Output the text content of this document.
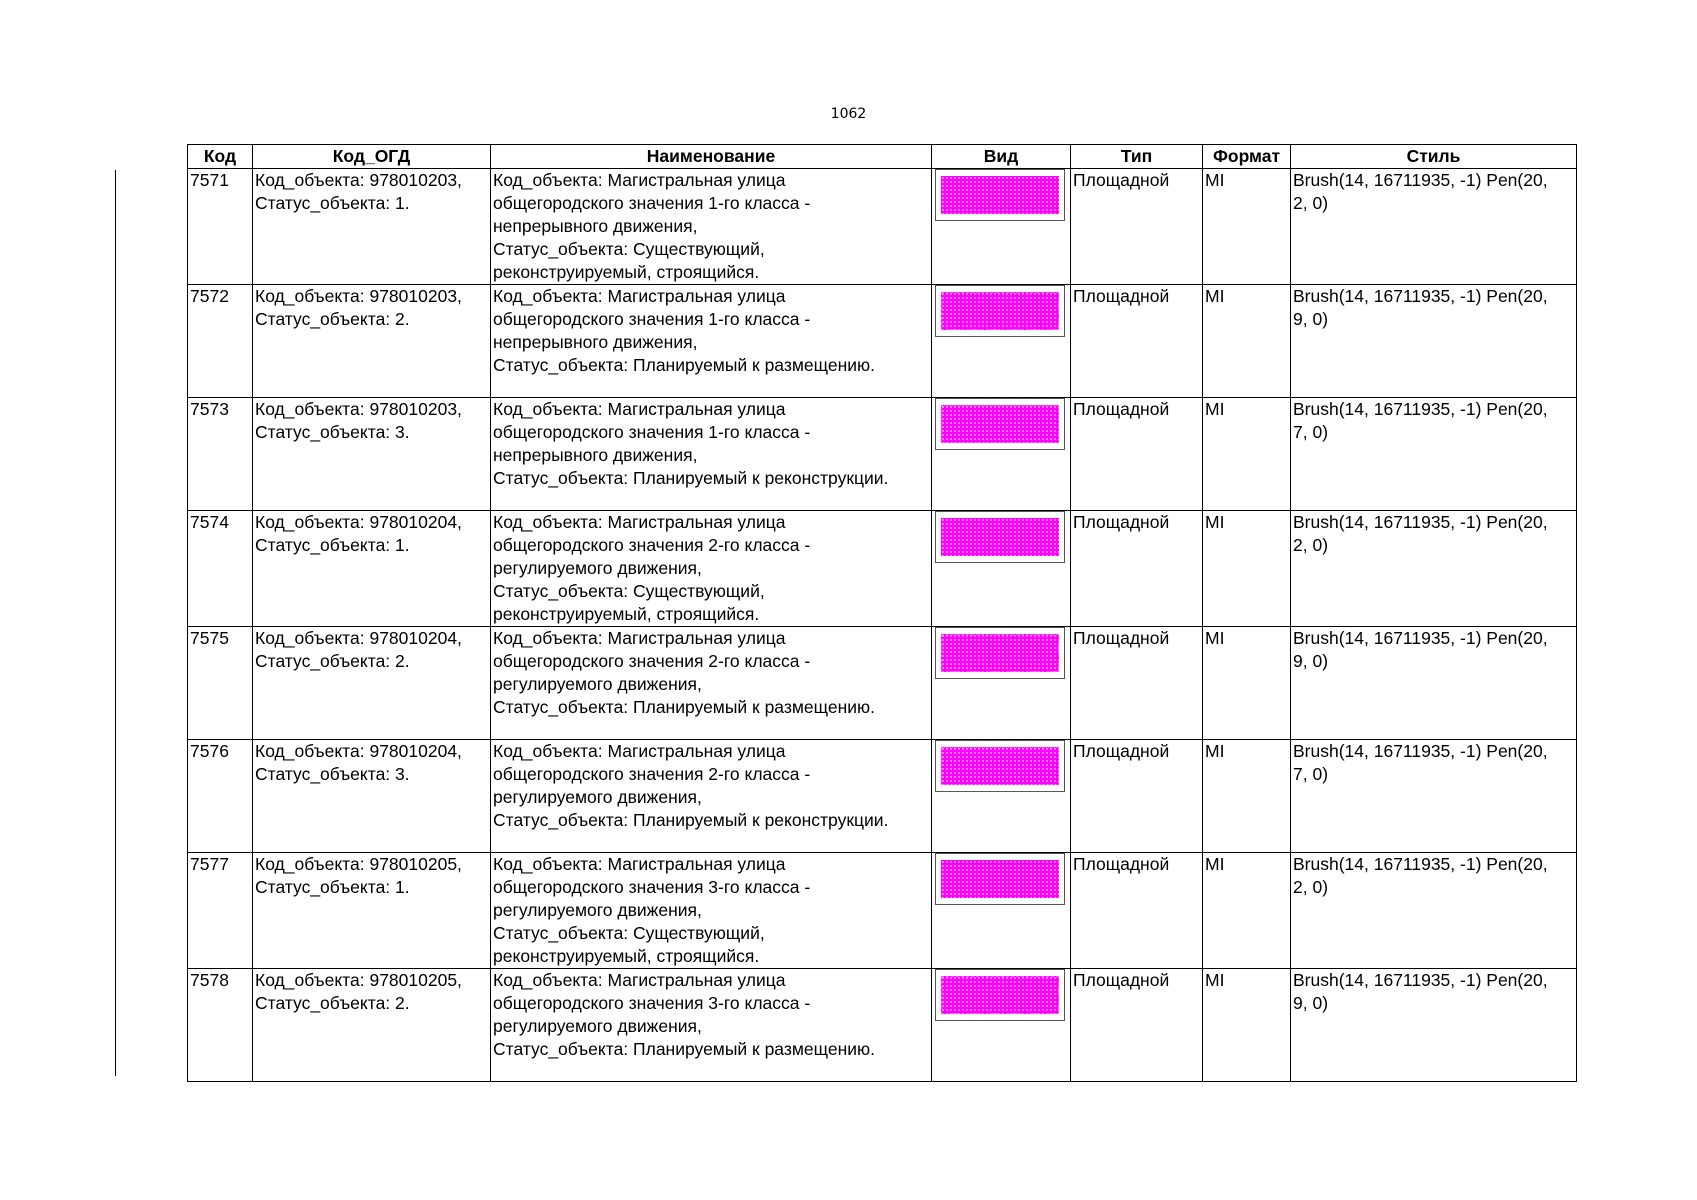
1062
Код	Код_ОГД	Наименование	Вид	Тип	Формат	Стиль
7571	Код_объекта: 978010203,
Статус_объекта: 1.	Код_объекта: Магистральная улица
общегородского значения 1-го класса -
непрерывного движения,
Статус_объекта: Существующий,
реконструируемый, строящийся.		Площадной	MI	Brush(14, 16711935, -1) Pen(20,
2, 0)
7572	Код_объекта: 978010203,
Статус_объекта: 2.	Код_объекта: Магистральная улица
общегородского значения 1-го класса -
непрерывного движения,
Статус_объекта: Планируемый к размещению.		Площадной	MI	Brush(14, 16711935, -1) Pen(20,
9, 0)
7573	Код_объекта: 978010203,
Статус_объекта: 3.	Код_объекта: Магистральная улица
общегородского значения 1-го класса -
непрерывного движения,
Статус_объекта: Планируемый к реконструкции.		Площадной	MI	Brush(14, 16711935, -1) Pen(20,
7, 0)
7574	Код_объекта: 978010204,
Статус_объекта: 1.	Код_объекта: Магистральная улица
общегородского значения 2-го класса -
регулируемого движения,
Статус_объекта: Существующий,
реконструируемый, строящийся.		Площадной	MI	Brush(14, 16711935, -1) Pen(20,
2, 0)
7575	Код_объекта: 978010204,
Статус_объекта: 2.	Код_объекта: Магистральная улица
общегородского значения 2-го класса -
регулируемого движения,
Статус_объекта: Планируемый к размещению.		Площадной	MI	Brush(14, 16711935, -1) Pen(20,
9, 0)
7576	Код_объекта: 978010204,
Статус_объекта: 3.	Код_объекта: Магистральная улица
общегородского значения 2-го класса -
регулируемого движения,
Статус_объекта: Планируемый к реконструкции.		Площадной	MI	Brush(14, 16711935, -1) Pen(20,
7, 0)
7577	Код_объекта: 978010205,
Статус_объекта: 1.	Код_объекта: Магистральная улица
общегородского значения 3-го класса -
регулируемого движения,
Статус_объекта: Существующий,
реконструируемый, строящийся.		Площадной	MI	Brush(14, 16711935, -1) Pen(20,
2, 0)
7578	Код_объекта: 978010205,
Статус_объекта: 2.	Код_объекта: Магистральная улица
общегородского значения 3-го класса -
регулируемого движения,
Статус_объекта: Планируемый к размещению.		Площадной	MI	Brush(14, 16711935, -1) Pen(20,
9, 0)
